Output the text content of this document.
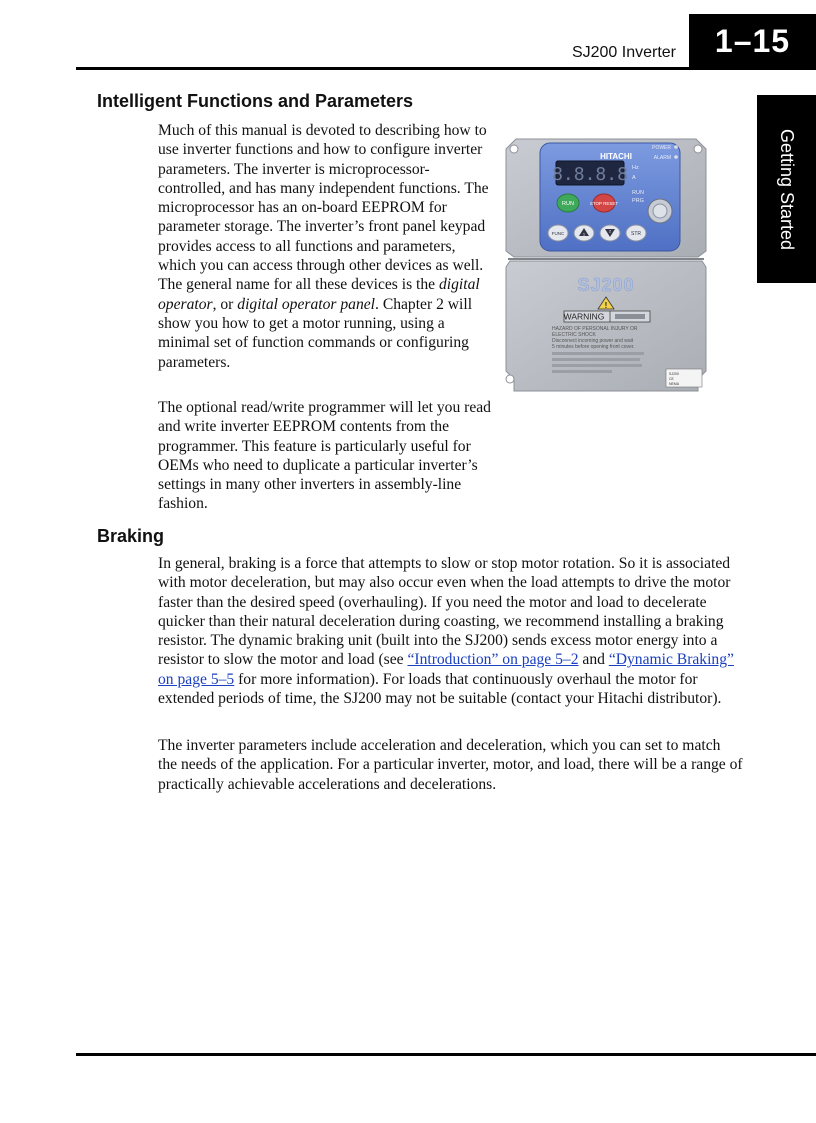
SJ200 Inverter	1–15
Getting Started
Intelligent Functions and Parameters

Much of this manual is devoted to describing how to use inverter functions and how to configure inverter parameters. The inverter is microprocessor-controlled, and has many independent functions. The microprocessor has an on-board EEPROM for parameter storage. The inverter’s front panel keypad provides access to all functions and parameters, which you can access through other devices as well. The general name for all these devices is the digital operator, or digital operator panel. Chapter 2 will show you how to get a motor running, using a minimal set of function commands or configuring parameters.

The optional read/write programmer will let you read and write inverter EEPROM contents from the programmer. This feature is particularly useful for OEMs who need to duplicate a particular inverter’s settings in many other inverters in assembly-line fashion.

HITACHI
8.8.8.8
POWER
ALARM
Hz
A
RUN
PRG
RUN	STOP RESET
FUNC	1
2	STR
SJ200
!
WARNING
HAZARD OF PERSONAL INJURY OR
ELECTRIC SHOCK
Disconnect incoming power and wait
5 minutes before opening front cover.
SJ200
CE
NEMA
Braking

In general, braking is a force that attempts to slow or stop motor rotation. So it is associated with motor deceleration, but may also occur even when the load attempts to drive the motor faster than the desired speed (overhauling). If you need the motor and load to decelerate quicker than their natural deceleration during coasting, we recommend installing a braking resistor. The dynamic braking unit (built into the SJ200) sends excess motor energy into a resistor to slow the motor and load (see “Introduction” on page 5–2 and “Dynamic Braking” on page 5–5 for more information). For loads that continuously overhaul the motor for extended periods of time, the SJ200 may not be suitable (contact your Hitachi distributor).

The inverter parameters include acceleration and deceleration, which you can set to match the needs of the application. For a particular inverter, motor, and load, there will be a range of practically achievable accelerations and decelerations.
